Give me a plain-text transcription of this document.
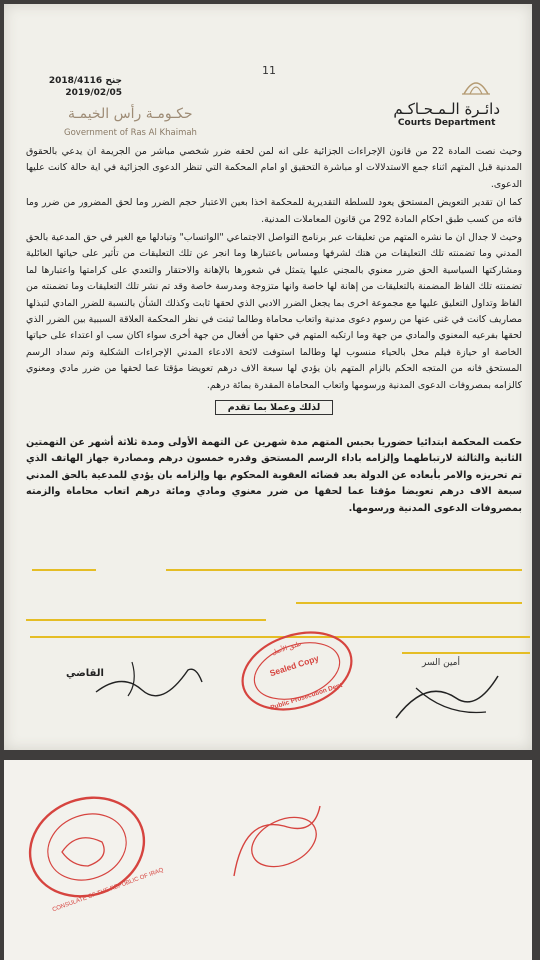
11
2018/4116 جنح
2019/02/05
حكـومـة رأس الخيمـة
Government of Ras Al Khaimah
دائـرة الـمـحـاكـم
Courts Department

وحيث نصت المادة 22 من قانون الإجراءات الجزائية على انه لمن لحقه ضرر شخصي مباشر من الجريمة ان يدعي بالحقوق المدنية قبل المتهم اثناء جمع الاستدلالات او مباشرة التحقيق او امام المحكمة التي تنظر الدعوى الجزائية في اية حالة كانت عليها الدعوى.

كما ان تقدير التعويض المستحق يعود للسلطة التقديرية للمحكمة اخذا بعين الاعتبار حجم الضرر وما لحق المضرور من ضرر وما فاته من كسب طبق احكام المادة 292 من قانون المعاملات المدنية.

وحيث لا جدال ان ما نشره المتهم من تعليقات عبر برنامج التواصل الاجتماعي "الواتساب" وتبادلها مع الغير في حق المدعية بالحق المدني وما تضمنته تلك التعليقات من هتك لشرفها ومساس باعتبارها وما انجر عن تلك التعليقات من تأثير على حياتها العائلية ومشاركتها السياسية الحق ضرر معنوي بالمجني عليها يتمثل في شعورها بالإهانة والاحتقار والتعدي على كرامتها واعتبارها لما تضمنته تلك الفاظ المضمنة بالتعليقات من إهانة لها خاصة وانها متزوجة ومدرسة خاصة وقد تم نشر تلك التعليقات وما تضمنته من الفاظ وتداول التعليق عليها مع مجموعة اخرى بما يجعل الضرر الادبي الذي لحقها ثابت وكذلك الشأن بالنسبة للضرر المادي لتبذلها مصاريف كانت في غنى عنها من رسوم دعوى مدنية واتعاب محاماة وطالما ثبتت في نظر المحكمة العلاقة السببية بين الضرر الذي لحقها بفرعيه المعنوي والمادي من جهة وما ارتكبه المتهم في حقها من أفعال من جهة أخرى سواء اكان سب او اعتداء على حياتها الخاصة او حيازة فيلم مخل بالحياء منسوب لها وطالما استوفت لائحة الادعاء المدني الإجراءات الشكلية وتم سداد الرسم المستحق فانه من المتجه الحكم بالزام المتهم بان يؤدي لها سبعة الاف درهم تعويضا مؤقتا عما لحقها من ضرر مادي ومعنوي كالزامه بمصروفات الدعوى المدنية ورسومها واتعاب المحاماة المقدرة بمائة درهم.

لذلك وعملا بما تقدم

حكمت المحكمة ابتدائيا حضوريا بحبس المتهم مدة شهرين عن التهمة الأولى ومدة ثلاثة أشهر عن التهمتين الثانية والثالثة لارتباطهما وإلزامه باداء الرسم المستحق وقدره خمسون درهم ومصادرة جهاز الهاتف الذي تم تحريزه والامر بأبعاده عن الدولة بعد قضائه العقوبة المحكوم بها وإلزامه بان يؤدي للمدعية بالحق المدني سبعة الاف درهم تعويضا مؤقتا عما لحقها من ضرر معنوي ومادي ومائة درهم اتعاب محاماة والزمته بمصروفات الدعوى المدنية ورسومها.

القاضي
أمين السر
Sealed Copy
Public Prosecution Dept
طبق الأصل
CONSULATE OF THE REPUBLIC OF IRAQ
